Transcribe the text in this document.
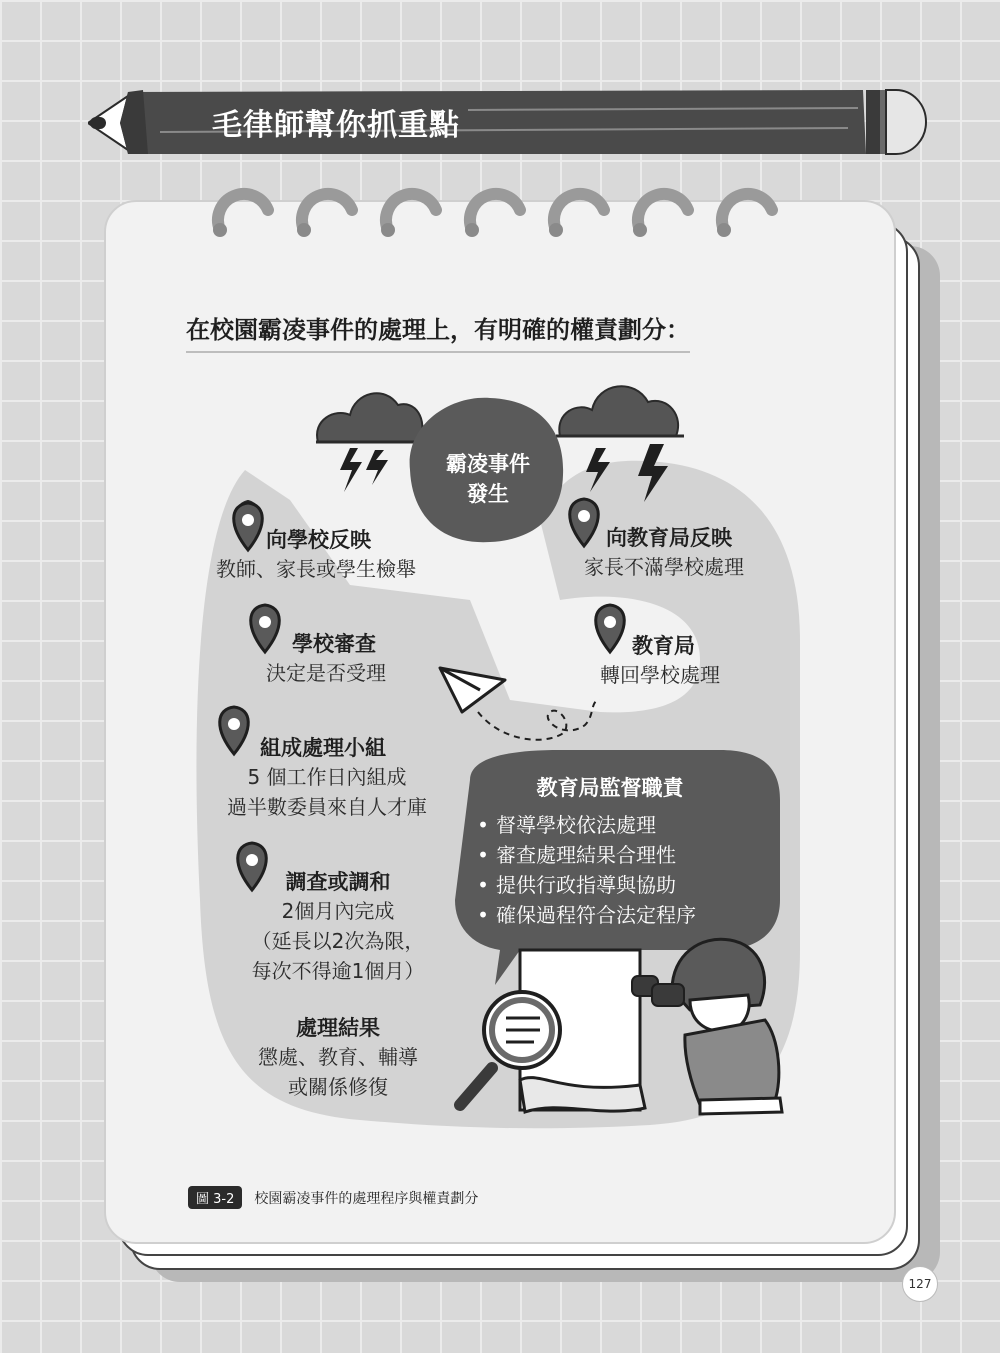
毛律師幫你抓重點
在校園霸凌事件的處理上，有明確的權責劃分：
霸凌事件
發生
向學校反映
教師、家長或學生檢舉
學校審查
決定是否受理
組成處理小組
5 個工作日內組成
過半數委員來自人才庫
調查或調和
2個月內完成
（延長以2次為限，
每次不得逾1個月）
處理結果
懲處、教育、輔導
或關係修復
向教育局反映
家長不滿學校處理
教育局
轉回學校處理
教育局監督職責
• 督導學校依法處理
• 審查處理結果合理性
• 提供行政指導與協助
• 確保過程符合法定程序
圖 3-2 校園霸凌事件的處理程序與權責劃分
127
